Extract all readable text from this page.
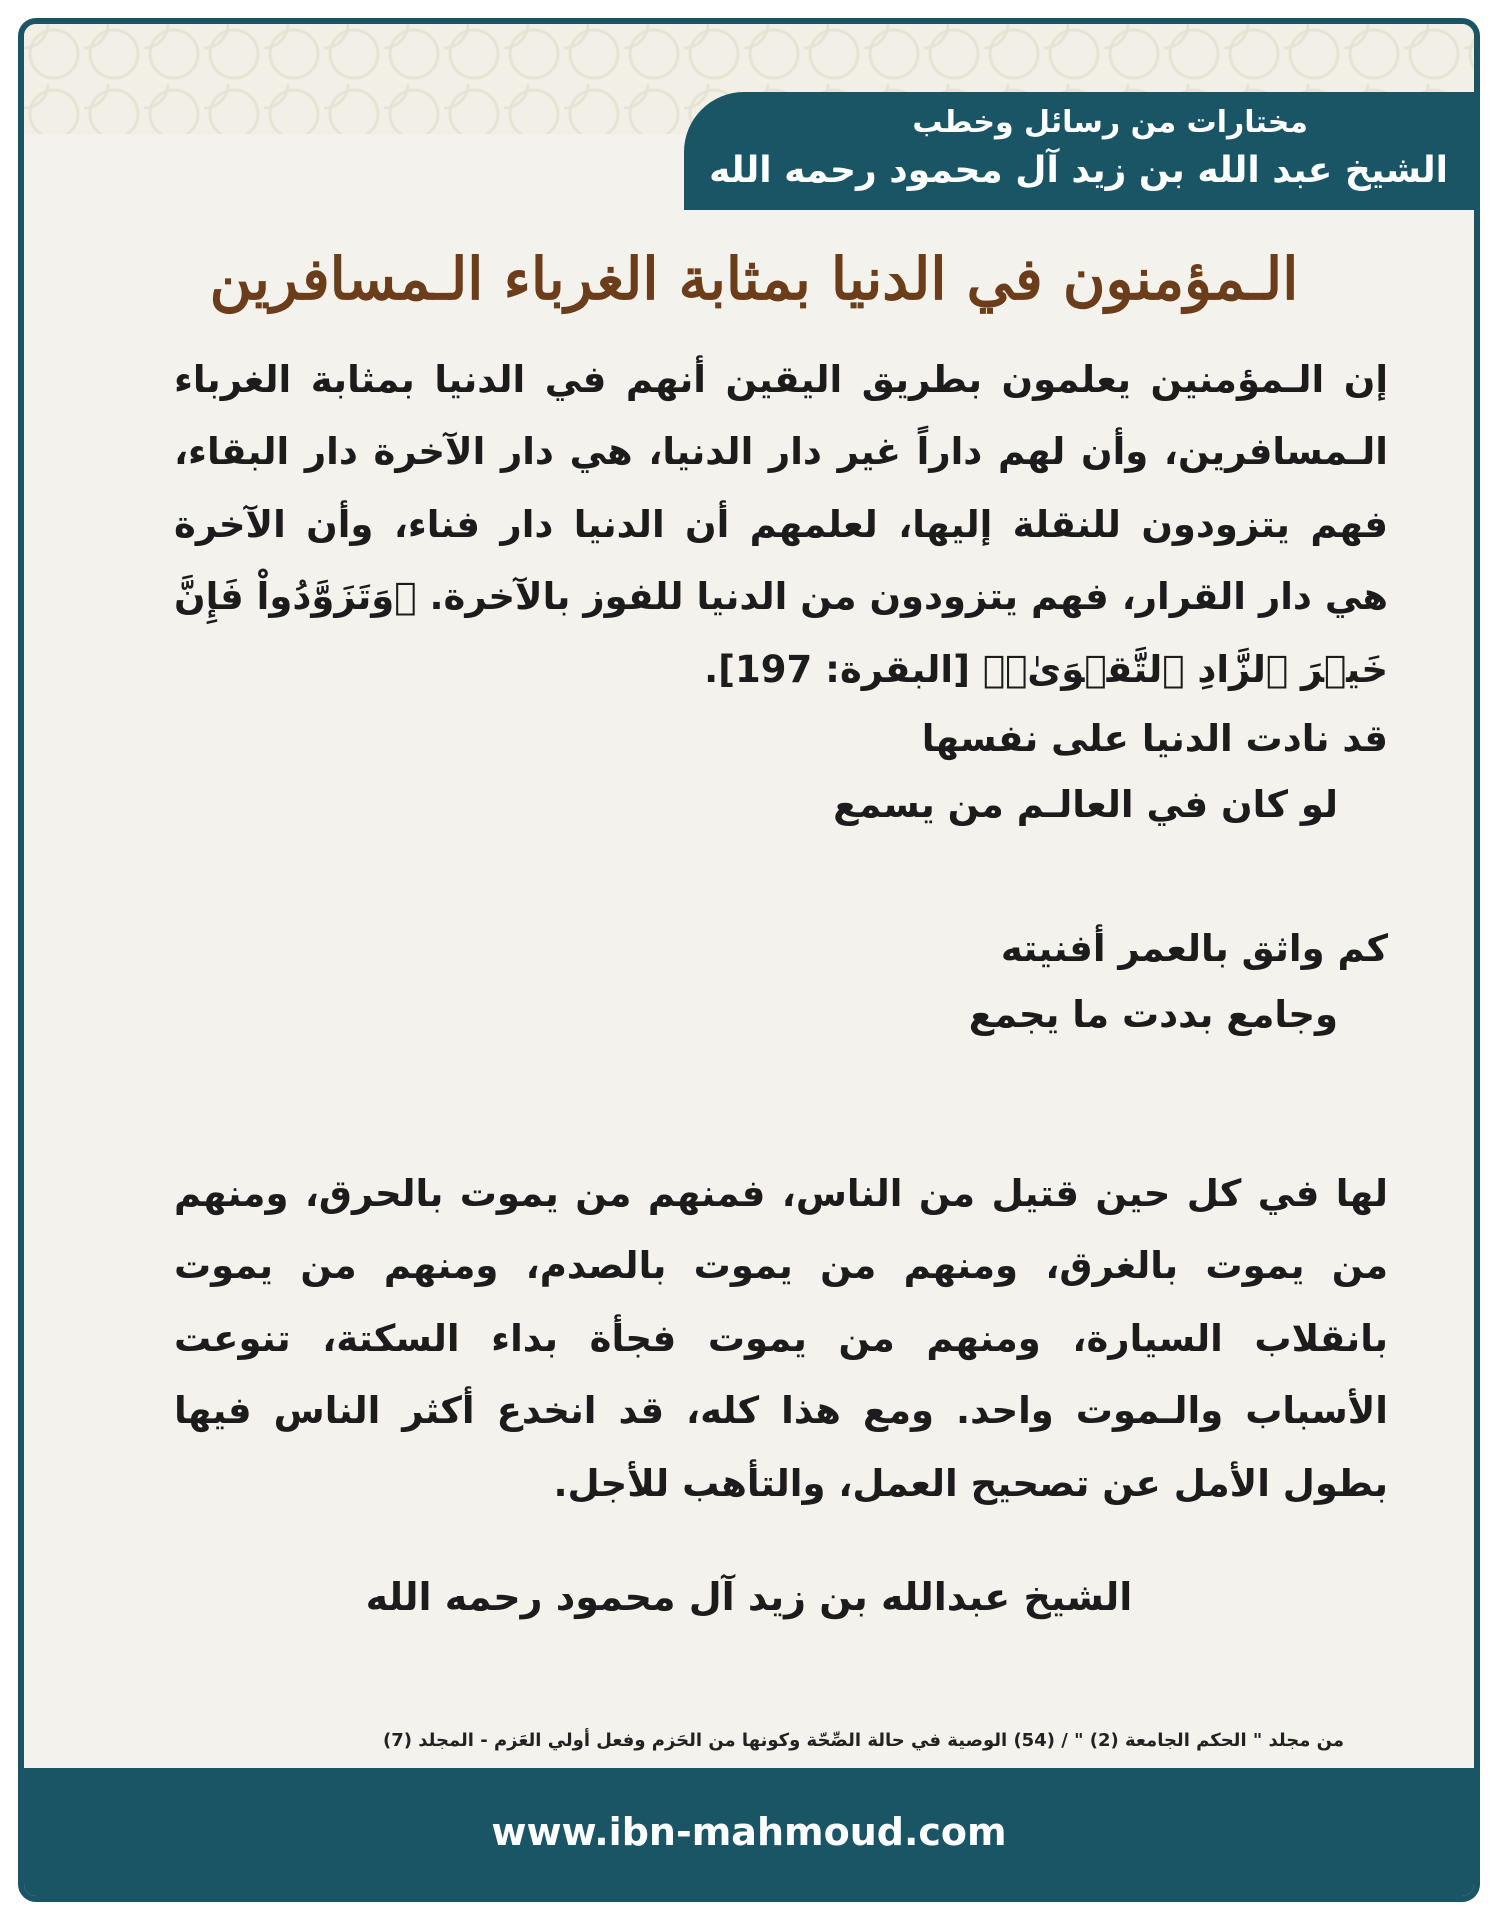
مختارات من رسائل وخطب
الشيخ عبد الله بن زيد آل محمود رحمه الله
الـمؤمنون في الدنيا بمثابة الغرباء الـمسافرين

إن الـمؤمنين يعلمون بطريق اليقين أنهم في الدنيا بمثابة الغرباء الـمسافرين، وأن لهم داراً غير دار الدنيا، هي دار الآخرة دار البقاء، فهم يتزودون للنقلة إليها، لعلمهم أن الدنيا دار فناء، وأن الآخرة هي دار القرار، فهم يتزودون من الدنيا للفوز بالآخرة. ﴿وَتَزَوَّدُواْ فَإِنَّ خَيۡرَ ٱلزَّادِ ٱلتَّقۡوَىٰۖ﴾ [البقرة: 197].

قد نادت الدنيا على نفسها

لو كان في العالـم من يسمع

كم واثق بالعمر أفنيته

وجامع بددت ما يجمع

لها في كل حين قتيل من الناس، فمنهم من يموت بالحرق، ومنهم من يموت بالغرق، ومنهم من يموت بالصدم، ومنهم من يموت بانقلاب السيارة، ومنهم من يموت فجأة بداء السكتة، تنوعت الأسباب والـموت واحد. ومع هذا كله، قد انخدع أكثر الناس فيها بطول الأمل عن تصحيح العمل، والتأهب للأجل.

الشيخ عبدالله بن زيد آل محمود رحمه الله
من مجلد " الحكم الجامعة (2) " / (54) الوصية في حالة الصِّحّة وكونها من الحَزم وفعل أولي العَزم - المجلد (7)
www.ibn-mahmoud.com
